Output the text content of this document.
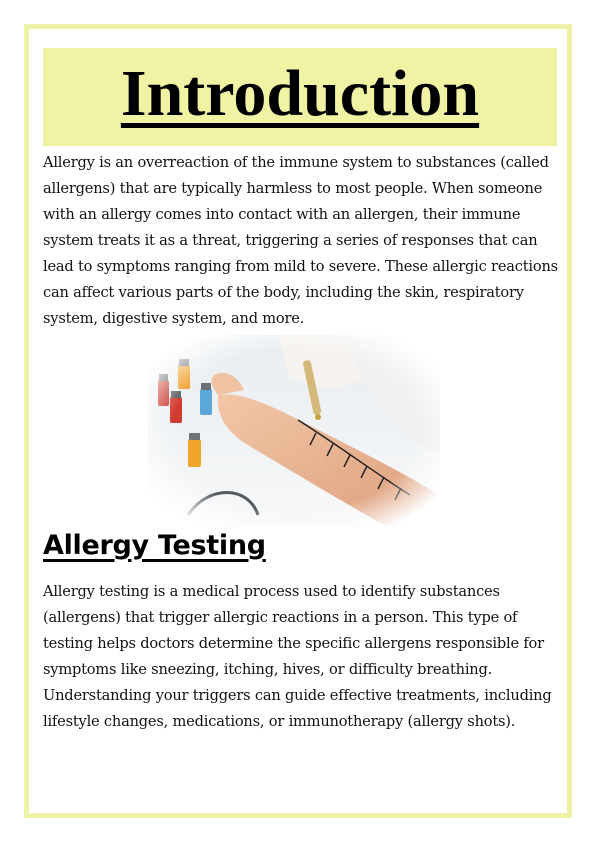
Introduction

Allergy is an overreaction of the immune system to substances (called allergens) that are typically harmless to most people. When someone with an allergy comes into contact with an allergen, their immune system treats it as a threat, triggering a series of responses that can lead to symptoms ranging from mild to severe. These allergic reactions can affect various parts of the body, including the skin, respiratory system, digestive system, and more.

Allergy Testing

Allergy testing is a medical process used to identify substances (allergens) that trigger allergic reactions in a person. This type of testing helps doctors determine the specific allergens responsible for symptoms like sneezing, itching, hives, or difficulty breathing. Understanding your triggers can guide effective treatments, including lifestyle changes, medications, or immunotherapy (allergy shots).
